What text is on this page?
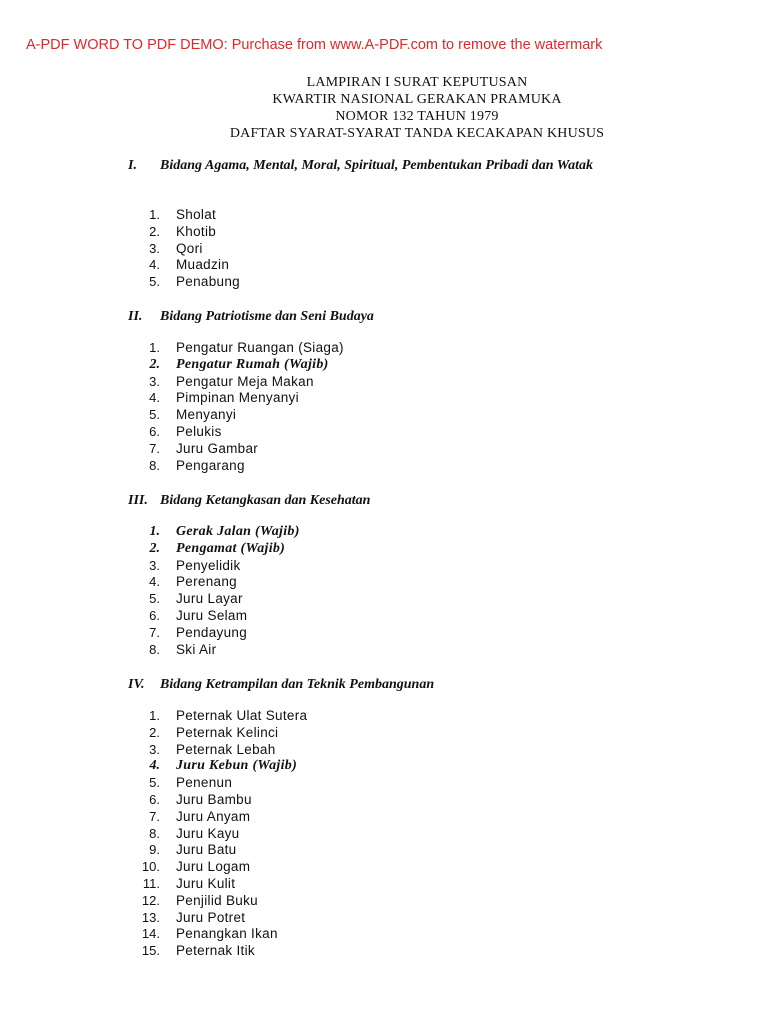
A-PDF WORD TO PDF DEMO: Purchase from www.A-PDF.com to remove the watermark
LAMPIRAN I SURAT KEPUTUSAN
KWARTIR NASIONAL GERAKAN PRAMUKA
NOMOR 132 TAHUN 1979
DAFTAR SYARAT-SYARAT TANDA KECAKAPAN KHUSUS
I. Bidang Agama, Mental, Moral, Spiritual, Pembentukan Pribadi dan Watak
1. Sholat
2. Khotib
3. Qori
4. Muadzin
5. Penabung
II. Bidang Patriotisme dan Seni Budaya
1. Pengatur Ruangan (Siaga)
2. Pengatur Rumah (Wajib)
3. Pengatur Meja Makan
4. Pimpinan Menyanyi
5. Menyanyi
6. Pelukis
7. Juru Gambar
8. Pengarang
III. Bidang Ketangkasan dan Kesehatan
1. Gerak Jalan (Wajib)
2. Pengamat (Wajib)
3. Penyelidik
4. Perenang
5. Juru Layar
6. Juru Selam
7. Pendayung
8. Ski Air
IV. Bidang Ketrampilan dan Teknik Pembangunan
1. Peternak Ulat Sutera
2. Peternak Kelinci
3. Peternak Lebah
4. Juru Kebun (Wajib)
5. Penenun
6. Juru Bambu
7. Juru Anyam
8. Juru Kayu
9. Juru Batu
10. Juru Logam
11. Juru Kulit
12. Penjilid Buku
13. Juru Potret
14. Penangkan Ikan
15. Peternak Itik
